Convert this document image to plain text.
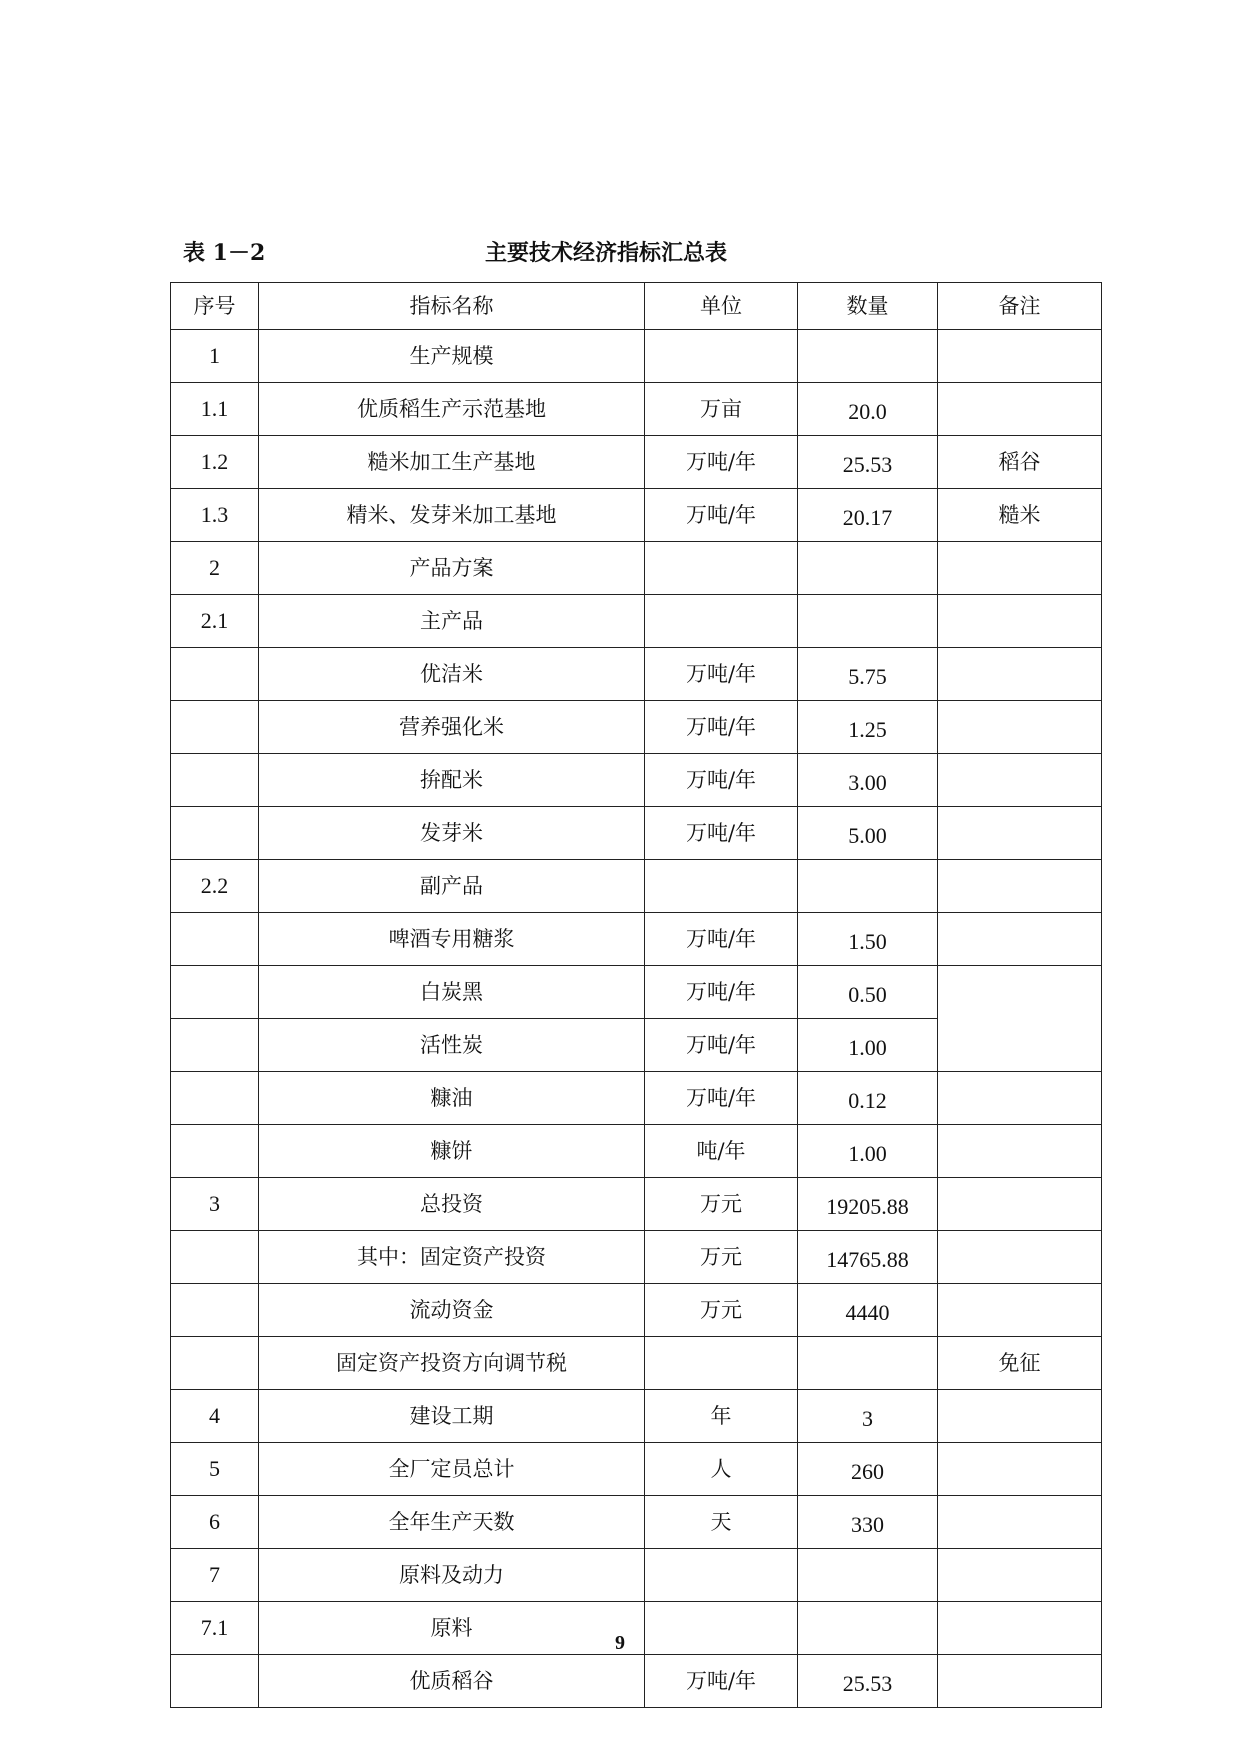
表 1－2	主要技术经济指标汇总表
序号	指标名称	单位	数量	备注
1	生产规模			
1.1	优质稻生产示范基地	万亩	20.0	
1.2	糙米加工生产基地	万吨/年	25.53	稻谷
1.3	精米、发芽米加工基地	万吨/年	20.17	糙米
2	产品方案			
2.1	主产品			
	优洁米	万吨/年	5.75	
	营养强化米	万吨/年	1.25	
	拚配米	万吨/年	3.00	
	发芽米	万吨/年	5.00	
2.2	副产品			
	啤酒专用糖浆	万吨/年	1.50	
	白炭黑	万吨/年	0.50	
	活性炭	万吨/年	1.00	
	糠油	万吨/年	0.12	
	糠饼	吨/年	1.00	
3	总投资	万元	19205.88	
	其中：固定资产投资	万元	14765.88	
	流动资金	万元	4440	
	固定资产投资方向调节税			免征
4	建设工期	年	3	
5	全厂定员总计	人	260	
6	全年生产天数	天	330	
7	原料及动力			
7.1	原料			
	优质稻谷	万吨/年	25.53	
9
